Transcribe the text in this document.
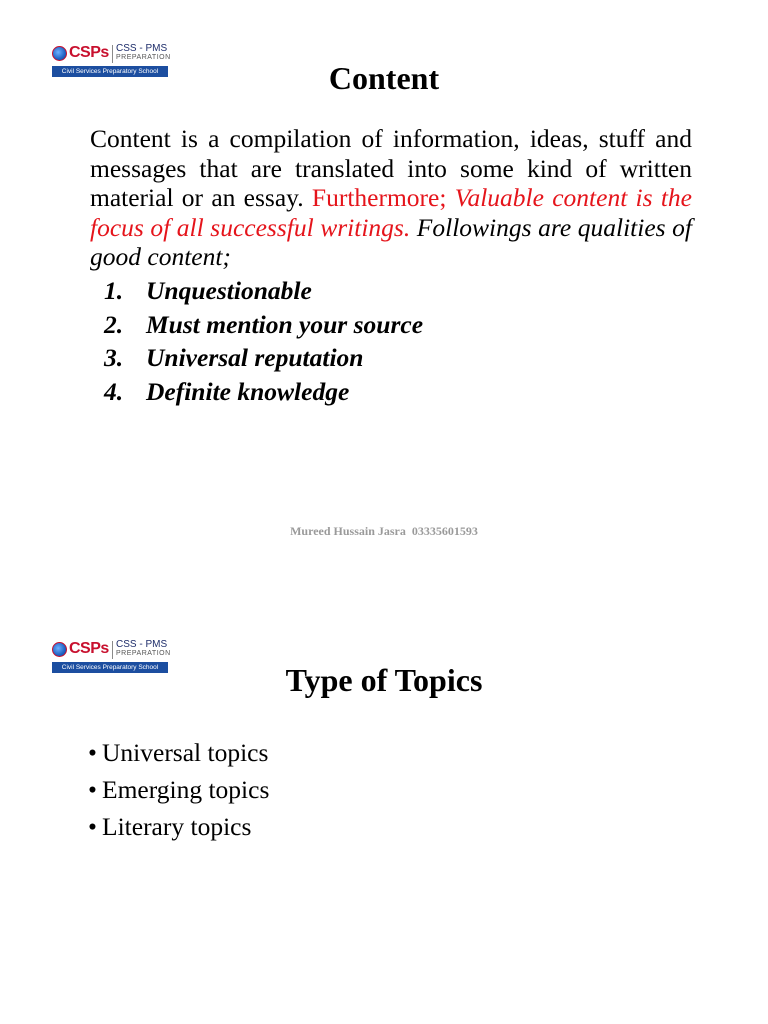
CSPs CSS - PMS
PREPARATION
Civil Services Preparatory School	Content

Content is a compilation of information, ideas, stuff and messages that are translated into some kind of written material or an essay. Furthermore; Valuable content is the focus of all successful writings. Followings are qualities of good content;

1. Unquestionable
2. Must mention your source
3. Universal reputation
4. Definite knowledge
Mureed Hussain Jasra  03335601593
CSPs CSS - PMS
PREPARATION
Civil Services Preparatory School	Type of Topics
• Universal topics
• Emerging topics
• Literary topics
